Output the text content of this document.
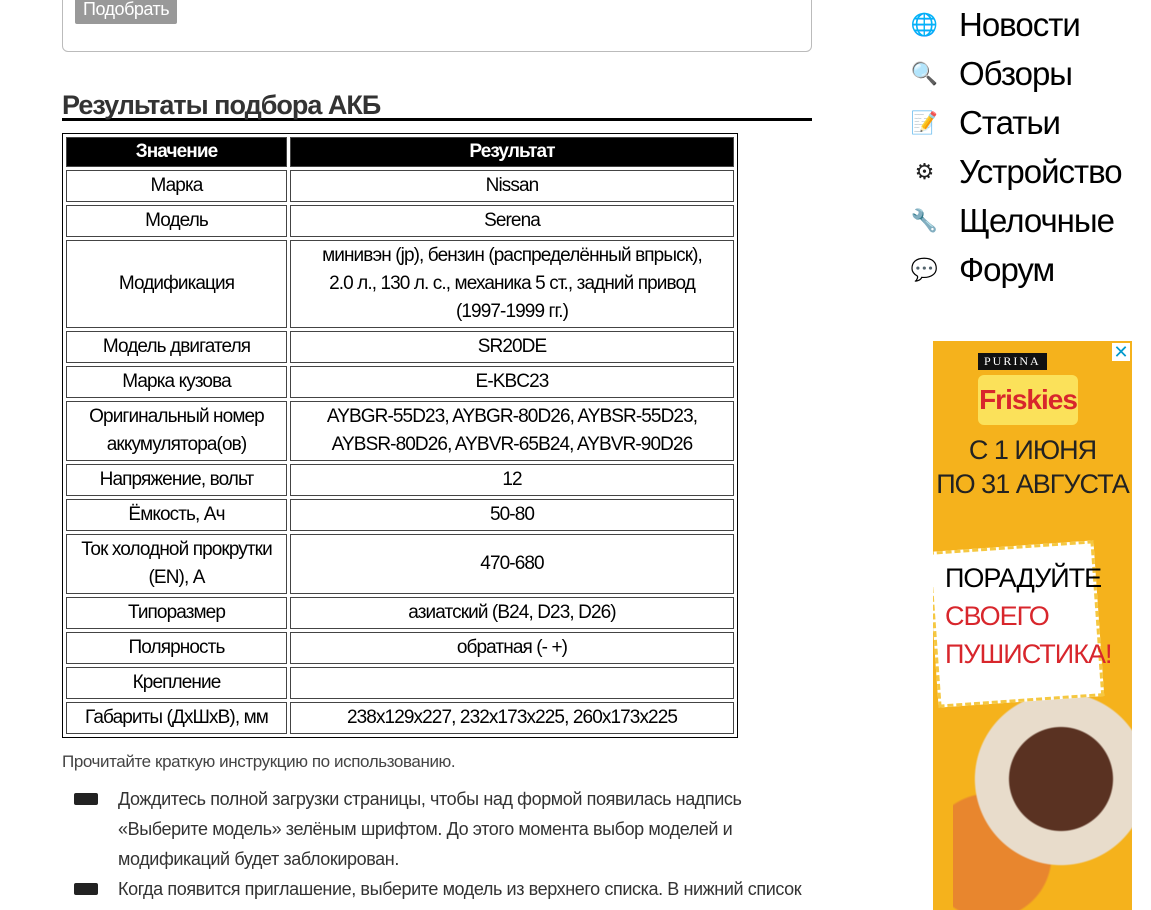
Подобрать
Результаты подбора АКБ
Значение	Результат
Марка	Nissan
Модель	Serena
Модификация	минивэн (jp), бензин (распределённый впрыск),
2.0 л., 130 л. с., механика 5 ст., задний привод
(1997-1999 гг.)
Модель двигателя	SR20DE
Марка кузова	E-KBC23
Оригинальный номер
аккумулятора(ов)	AYBGR-55D23, AYBGR-80D26, AYBSR-55D23,
AYBSR-80D26, AYBVR-65B24, AYBVR-90D26
Напряжение, вольт	12
Ёмкость, Ач	50-80
Ток холодной прокрутки
(EN), А	470-680
Типоразмер	азиатский (B24, D23, D26)
Полярность	обратная (- +)
Крепление	
Габариты (ДхШхВ), мм	238x129x227, 232x173x225, 260x173x225
Прочитайте краткую инструкцию по использованию.
Дождитесь полной загрузки страницы, чтобы над формой появилась надпись «Выберите модель» зелёным шрифтом. До этого момента выбор моделей и модификаций будет заблокирован.
Когда появится приглашение, выберите модель из верхнего списка. В нижний список
🌐 Новости
🔍 Обзоры
📝 Статьи
⚙ Устройство
🔧 Щелочные
💬 Форум
✕
PURINA
Friskies
С 1 ИЮНЯ
ПО 31 АВГУСТА
ПОРАДУЙТЕ
СВОЕГО
ПУШИСТИКА!
